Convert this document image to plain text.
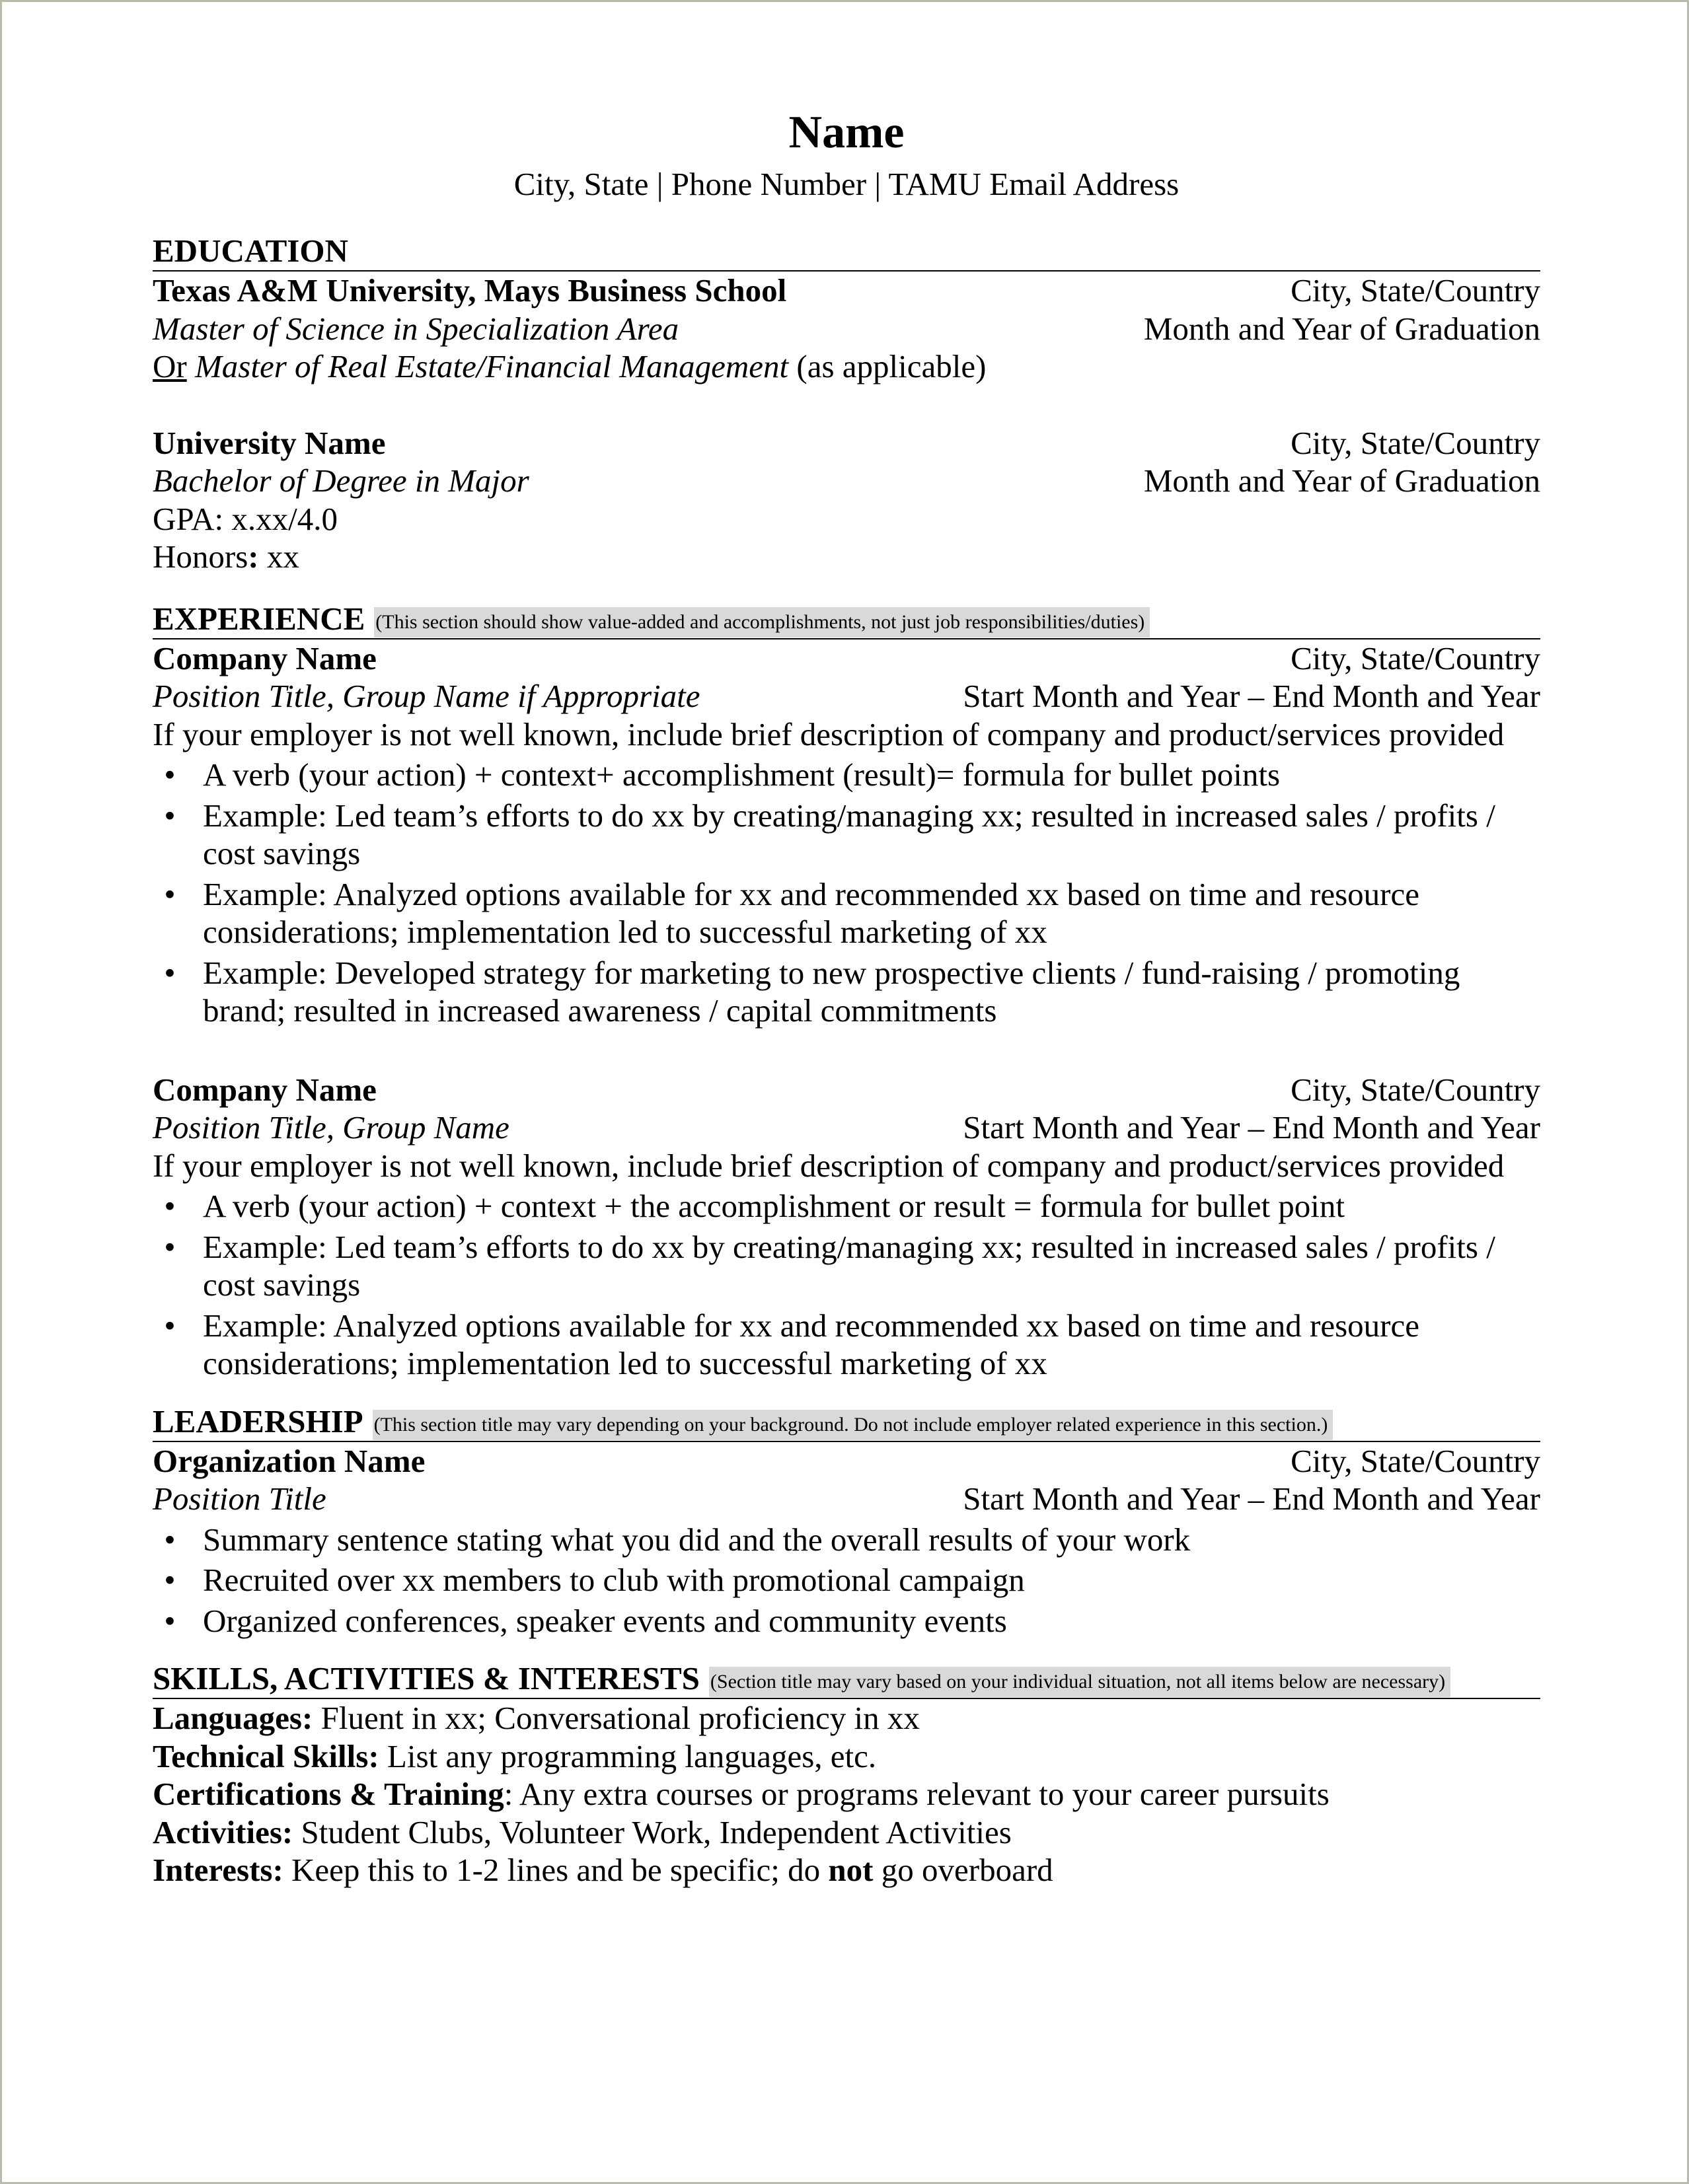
Name
City, State | Phone Number | TAMU Email Address
EDUCATION
Texas A&M University, Mays Business School	City, State/Country
Master of Science in Specialization Area	Month and Year of Graduation
Or Master of Real Estate/Financial Management (as applicable)
University Name	City, State/Country
Bachelor of Degree in Major	Month and Year of Graduation
GPA: x.xx/4.0
Honors: xx
EXPERIENCE (This section should show value-added and accomplishments, not just job responsibilities/duties)
Company Name	City, State/Country
Position Title, Group Name if Appropriate	Start Month and Year – End Month and Year
If your employer is not well known, include brief description of company and product/services provided
• A verb (your action) + context+ accomplishment (result)= formula for bullet points
• Example: Led team’s efforts to do xx by creating/managing xx; resulted in increased sales / profits / cost savings
• Example: Analyzed options available for xx and recommended xx based on time and resource considerations; implementation led to successful marketing of xx
• Example: Developed strategy for marketing to new prospective clients / fund-raising / promoting brand; resulted in increased awareness / capital commitments
Company Name	City, State/Country
Position Title, Group Name	Start Month and Year – End Month and Year
If your employer is not well known, include brief description of company and product/services provided
• A verb (your action) + context + the accomplishment or result = formula for bullet point
• Example: Led team’s efforts to do xx by creating/managing xx; resulted in increased sales / profits / cost savings
• Example: Analyzed options available for xx and recommended xx based on time and resource considerations; implementation led to successful marketing of xx
LEADERSHIP (This section title may vary depending on your background. Do not include employer related experience in this section.)
Organization Name	City, State/Country
Position Title	Start Month and Year – End Month and Year
• Summary sentence stating what you did and the overall results of your work
• Recruited over xx members to club with promotional campaign
• Organized conferences, speaker events and community events
SKILLS, ACTIVITIES & INTERESTS (Section title may vary based on your individual situation, not all items below are necessary)
Languages: Fluent in xx; Conversational proficiency in xx
Technical Skills: List any programming languages, etc.
Certifications & Training: Any extra courses or programs relevant to your career pursuits
Activities: Student Clubs, Volunteer Work, Independent Activities
Interests: Keep this to 1-2 lines and be specific; do not go overboard
